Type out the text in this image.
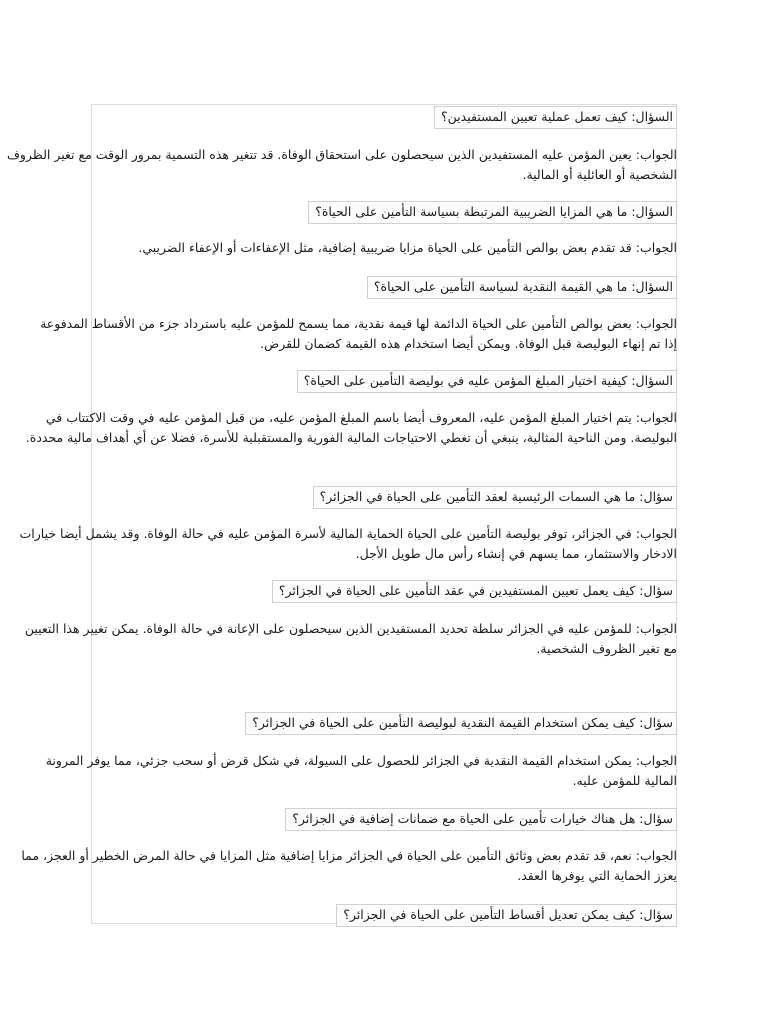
السؤال: كيف تعمل عملية تعيين المستفيدين؟
الجواب: يعين المؤمن عليه المستفيدين الذين سيحصلون على استحقاق الوفاة. قد تتغير هذه التسمية بمرور الوقت مع تغير الظروف الشخصية أو العائلية أو المالية.
السؤال: ما هي المزايا الضريبية المرتبطة بسياسة التأمين على الحياة؟
الجواب: قد تقدم بعض بوالص التأمين على الحياة مزايا ضريبية إضافية، مثل الإعفاءات أو الإعفاء الضريبي.
السؤال: ما هي القيمة النقدية لسياسة التأمين على الحياة؟
الجواب: بعض بوالص التأمين على الحياة الدائمة لها قيمة نقدية، مما يسمح للمؤمن عليه باسترداد جزء من الأقساط المدفوعة إذا تم إنهاء البوليصة قبل الوفاة. ويمكن أيضا استخدام هذه القيمة كضمان للقرض.
السؤال: كيفية اختيار المبلغ المؤمن عليه في بوليصة التأمين على الحياة؟
الجواب: يتم اختيار المبلغ المؤمن عليه، المعروف أيضا باسم المبلغ المؤمن عليه، من قبل المؤمن عليه في وقت الاكتتاب في البوليصة. ومن الناحية المثالية، ينبغي أن تغطي الاحتياجات المالية الفورية والمستقبلية للأسرة، فضلا عن أي أهداف مالية محددة.
سؤال: ما هي السمات الرئيسية لعقد التأمين على الحياة في الجزائر؟
الجواب: في الجزائر، توفر بوليصة التأمين على الحياة الحماية المالية لأسرة المؤمن عليه في حالة الوفاة. وقد يشمل أيضا خيارات الادخار والاستثمار، مما يسهم في إنشاء رأس مال طويل الأجل.
سؤال: كيف يعمل تعيين المستفيدين في عقد التأمين على الحياة في الجزائر؟
الجواب: للمؤمن عليه في الجزائر سلطة تحديد المستفيدين الذين سيحصلون على الإعانة في حالة الوفاة. يمكن تغيير هذا التعيين مع تغير الظروف الشخصية.
سؤال: كيف يمكن استخدام القيمة النقدية لبوليصة التأمين على الحياة في الجزائر؟
الجواب: يمكن استخدام القيمة النقدية في الجزائر للحصول على السيولة، في شكل قرض أو سحب جزئي، مما يوفر المرونة المالية للمؤمن عليه.
سؤال: هل هناك خيارات تأمين على الحياة مع ضمانات إضافية في الجزائر؟
الجواب: نعم، قد تقدم بعض وثائق التأمين على الحياة في الجزائر مزايا إضافية مثل المزايا في حالة المرض الخطير أو العجز، مما يعزز الحماية التي يوفرها العقد.
سؤال: كيف يمكن تعديل أقساط التأمين على الحياة في الجزائر؟
